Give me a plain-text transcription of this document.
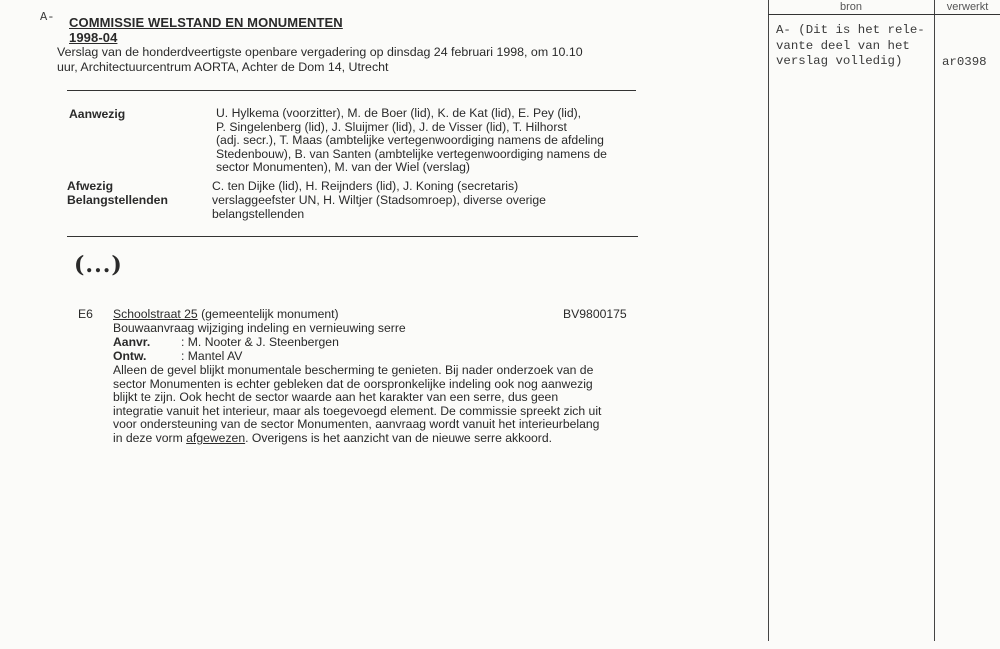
A- COMMISSIE WELSTAND EN MONUMENTEN
1998-04
Verslag van de honderdveertigste openbare vergadering op dinsdag 24 februari 1998, om 10.10
uur, Architectuurcentrum AORTA, Achter de Dom 14, Utrecht
Aanwezig	U. Hylkema (voorzitter), M. de Boer (lid), K. de Kat (lid), E. Pey (lid),
P. Singelenberg (lid), J. Sluijmer (lid), J. de Visser (lid), T. Hilhorst
(adj. secr.), T. Maas (ambtelijke vertegenwoordiging namens de afdeling
Stedenbouw), B. van Santen (ambtelijke vertegenwoordiging namens de
sector Monumenten), M. van der Wiel (verslag)
Afwezig	C. ten Dijke (lid), H. Reijnders (lid), J. Koning (secretaris)
Belangstellenden	verslaggeefster UN, H. Wiltjer (Stadsomroep), diverse overige
belangstellenden
(...)
E6 Schoolstraat 25 (gemeentelijk monument)	BV9800175
Bouwaanvraag wijziging indeling en vernieuwing serre
Aanvr.	: M. Nooter & J. Steenbergen
Ontw.	: Mantel AV
Alleen de gevel blijkt monumentale bescherming te genieten. Bij nader onderzoek van de
sector Monumenten is echter gebleken dat de oorspronkelijke indeling ook nog aanwezig
blijkt te zijn. Ook hecht de sector waarde aan het karakter van een serre, dus geen
integratie vanuit het interieur, maar als toegevoegd element. De commissie spreekt zich uit
voor ondersteuning van de sector Monumenten, aanvraag wordt vanuit het interieurbelang
in deze vorm afgewezen. Overigens is het aanzicht van de nieuwe serre akkoord.
bron	verwerkt
A- (Dit is het rele-
vante deel van het
verslag volledig)	ar0398
